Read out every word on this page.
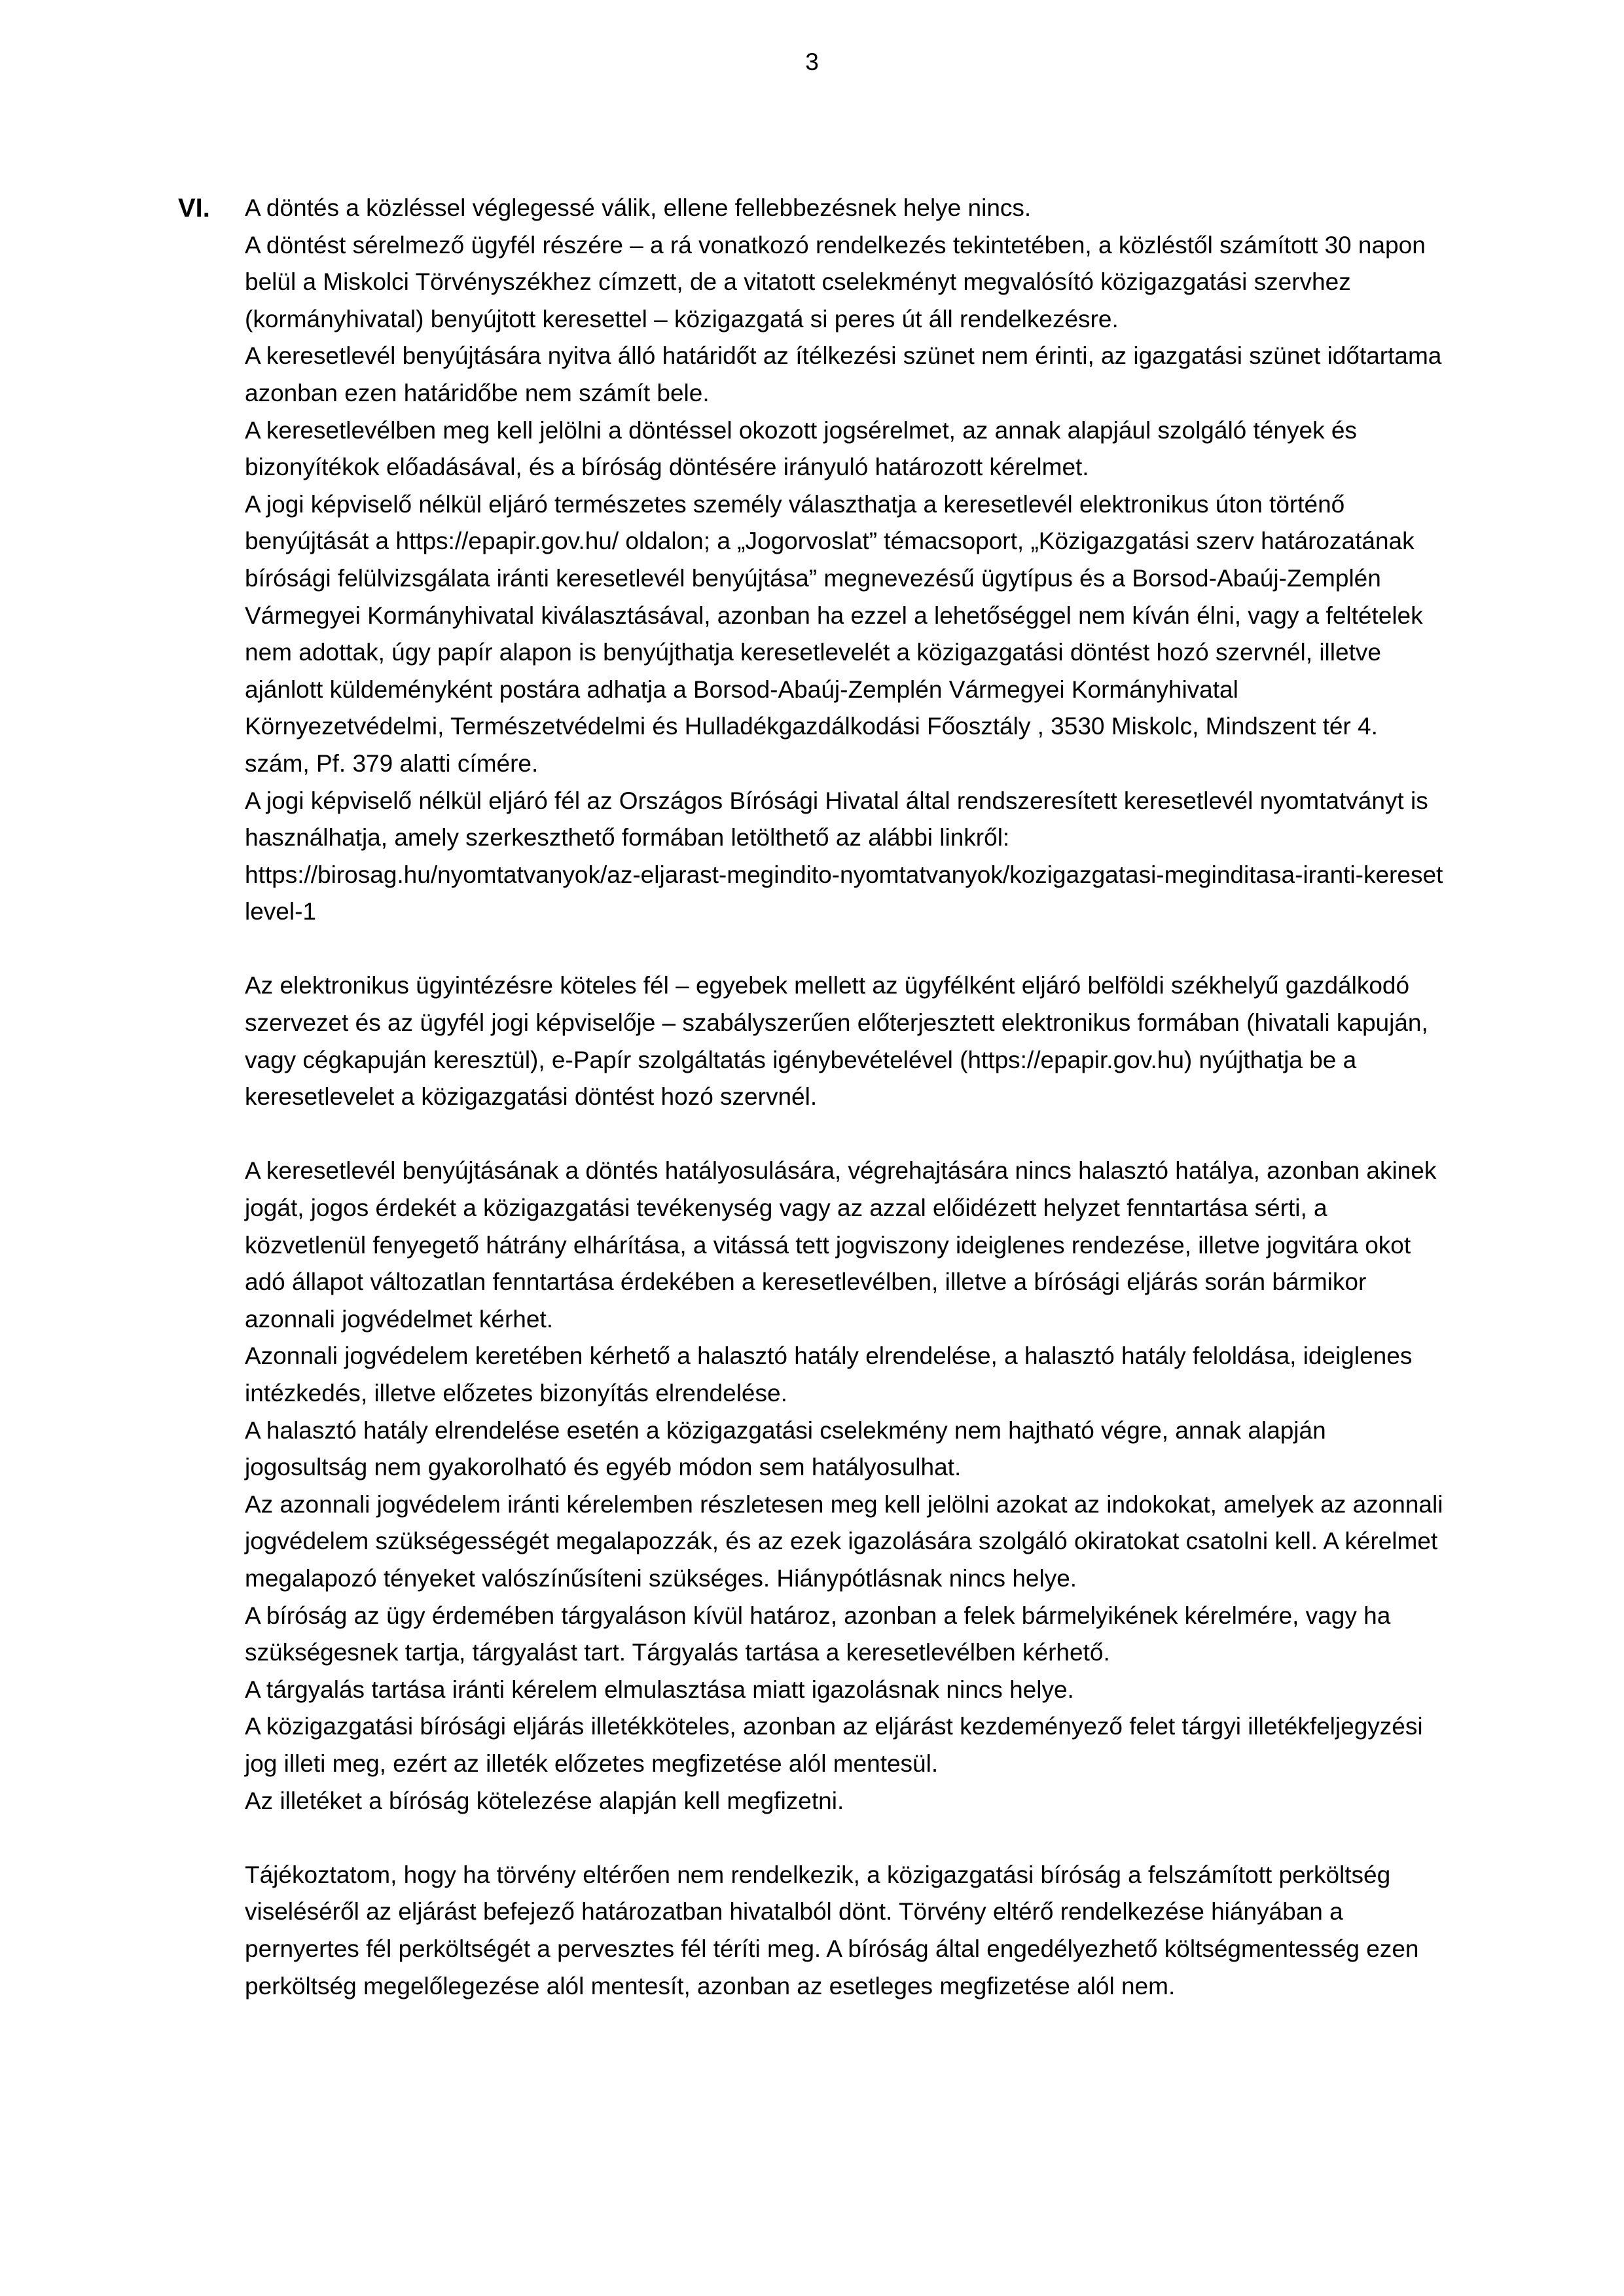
3
VI. A döntés a közléssel véglegessé válik, ellene fellebbezésnek helye nincs.

A döntést sérelmező ügyfél részére – a rá vonatkozó rendelkezés tekintetében, a közléstől számított 30 napon belül a Miskolci Törvényszékhez címzett, de a vitatott cselekményt megvalósító közigazgatási szervhez (kormányhivatal) benyújtott keresettel – közigazgatá si peres út áll rendelkezésre.

A keresetlevél benyújtására nyitva álló határidőt az ítélkezési szünet nem érinti, az igazgatási szünet időtartama azonban ezen határidőbe nem számít bele.

A keresetlevélben meg kell jelölni a döntéssel okozott jogsérelmet, az annak alapjául szolgáló tények és bizonyítékok előadásával, és a bíróság döntésére irányuló határozott kérelmet.

A jogi képviselő nélkül eljáró természetes személy választhatja a keresetlevél elektronikus úton történő benyújtását a https://epapir.gov.hu/ oldalon; a „Jogorvoslat” témacsoport, „Közigazgatási szerv határozatának bírósági felülvizsgálata iránti keresetlevél benyújtása” megnevezésű ügytípus és a Borsod-Abaúj-Zemplén Vármegyei Kormányhivatal kiválasztásával, azonban ha ezzel a lehetőséggel nem kíván élni, vagy a feltételek nem adottak, úgy papír alapon is benyújthatja keresetlevelét a közigazgatási döntést hozó szervnél, illetve ajánlott küldeményként postára adhatja a Borsod-Abaúj-Zemplén Vármegyei Kormányhivatal Környezetvédelmi, Természetvédelmi és Hulladékgazdálkodási Főosztály , 3530 Miskolc, Mindszent tér 4. szám, Pf. 379 alatti címére.

A jogi képviselő nélkül eljáró fél az Országos Bírósági Hivatal által rendszeresített keresetlevél nyomtatványt is használhatja, amely szerkeszthető formában letölthető az alábbi linkről:

https://birosag.hu/nyomtatvanyok/az-eljarast-megindito-nyomtatvanyok/kozigazgatasi-meginditasa-iranti-keresetlevel-1

Az elektronikus ügyintézésre köteles fél – egyebek mellett az ügyfélként eljáró belföldi székhelyű gazdálkodó szervezet és az ügyfél jogi képviselője – szabályszerűen előterjesztett elektronikus formában (hivatali kapuján, vagy cégkapuján keresztül), e-Papír szolgáltatás igénybevételével (https://epapir.gov.hu) nyújthatja be a keresetlevelet a közigazgatási döntést hozó szervnél.

A keresetlevél benyújtásának a döntés hatályosulására, végrehajtására nincs halasztó hatálya, azonban akinek jogát, jogos érdekét a közigazgatási tevékenység vagy az azzal előidézett helyzet fenntartása sérti, a közvetlenül fenyegető hátrány elhárítása, a vitássá tett jogviszony ideiglenes rendezése, illetve jogvitára okot adó állapot változatlan fenntartása érdekében a keresetlevélben, illetve a bírósági eljárás során bármikor azonnali jogvédelmet kérhet.

Azonnali jogvédelem keretében kérhető a halasztó hatály elrendelése, a halasztó hatály feloldása, ideiglenes intézkedés, illetve előzetes bizonyítás elrendelése.

A halasztó hatály elrendelése esetén a közigazgatási cselekmény nem hajtható végre, annak alapján jogosultság nem gyakorolható és egyéb módon sem hatályosulhat.

Az azonnali jogvédelem iránti kérelemben részletesen meg kell jelölni azokat az indokokat, amelyek az azonnali jogvédelem szükségességét megalapozzák, és az ezek igazolására szolgáló okiratokat csatolni kell. A kérelmet megalapozó tényeket valószínűsíteni szükséges. Hiánypótlásnak nincs helye.

A bíróság az ügy érdemében tárgyaláson kívül határoz, azonban a felek bármelyikének kérelmére, vagy ha szükségesnek tartja, tárgyalást tart. Tárgyalás tartása a keresetlevélben kérhető.

A tárgyalás tartása iránti kérelem elmulasztása miatt igazolásnak nincs helye.

A közigazgatási bírósági eljárás illetékköteles, azonban az eljárást kezdeményező felet tárgyi illetékfeljegyzési jog illeti meg, ezért az illeték előzetes megfizetése alól mentesül.

Az illetéket a bíróság kötelezése alapján kell megfizetni.

Tájékoztatom, hogy ha törvény eltérően nem rendelkezik, a közigazgatási bíróság a felszámított perköltség viseléséről az eljárást befejező határozatban hivatalból dönt. Törvény eltérő rendelkezése hiányában a pernyertes fél perköltségét a pervesztes fél téríti meg. A bíróság által engedélyezhető költségmentesség ezen perköltség megelőlegezése alól mentesít, azonban az esetleges megfizetése alól nem.
